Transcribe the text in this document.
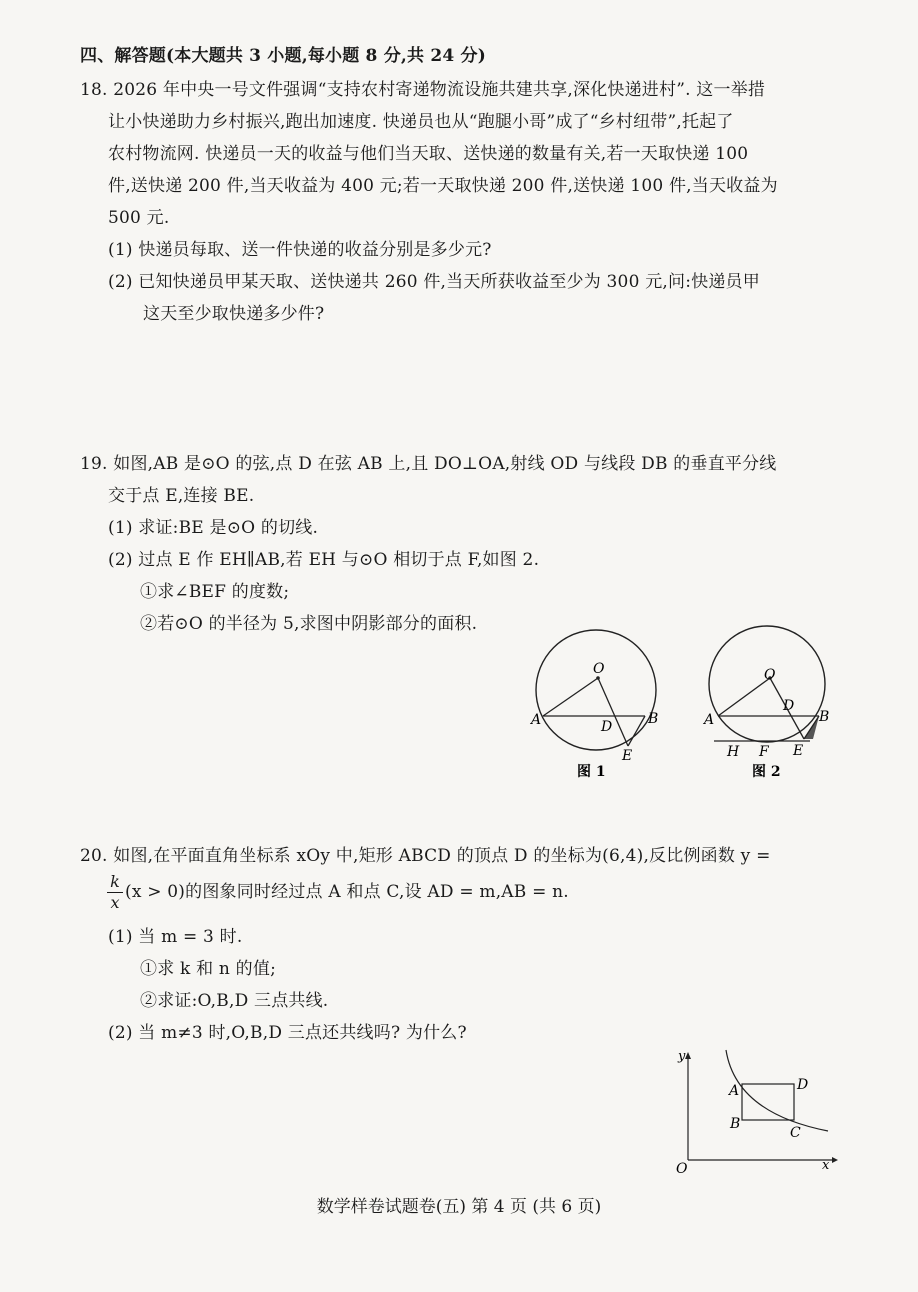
四、解答题(本大题共 3 小题,每小题 8 分,共 24 分)
18. 2026 年中央一号文件强调“支持农村寄递物流设施共建共享,深化快递进村”. 这一举措
让小快递助力乡村振兴,跑出加速度. 快递员也从“跑腿小哥”成了“乡村纽带”,托起了
农村物流网. 快递员一天的收益与他们当天取、送快递的数量有关,若一天取快递 100
件,送快递 200 件,当天收益为 400 元;若一天取快递 200 件,送快递 100 件,当天收益为
500 元.
(1) 快递员每取、送一件快递的收益分别是多少元?
(2) 已知快递员甲某天取、送快递共 260 件,当天所获收益至少为 300 元,问:快递员甲
这天至少取快递多少件?
19. 如图,AB 是⊙O 的弦,点 D 在弦 AB 上,且 DO⊥OA,射线 OD 与线段 DB 的垂直平分线
交于点 E,连接 BE.
(1) 求证:BE 是⊙O 的切线.
(2) 过点 E 作 EH∥AB,若 EH 与⊙O 相切于点 F,如图 2.
①求∠BEF 的度数;
②若⊙O 的半径为 5,求图中阴影部分的面积.
O
A	B
D
E
图 1
O
A	B
D
E
H F
图 2
20. 如图,在平面直角坐标系 xOy 中,矩形 ABCD 的顶点 D 的坐标为(6,4),反比例函数 y =
k
x
(x > 0)的图象同时经过点 A 和点 C,设 AD = m,AB = n.
(1) 当 m = 3 时.
①求 k 和 n 的值;
②求证:O,B,D 三点共线.
(2) 当 m≠3 时,O,B,D 三点还共线吗? 为什么?
y
x
O
A	D
B
C
数学样卷试题卷(五) 第 4 页 (共 6 页)
